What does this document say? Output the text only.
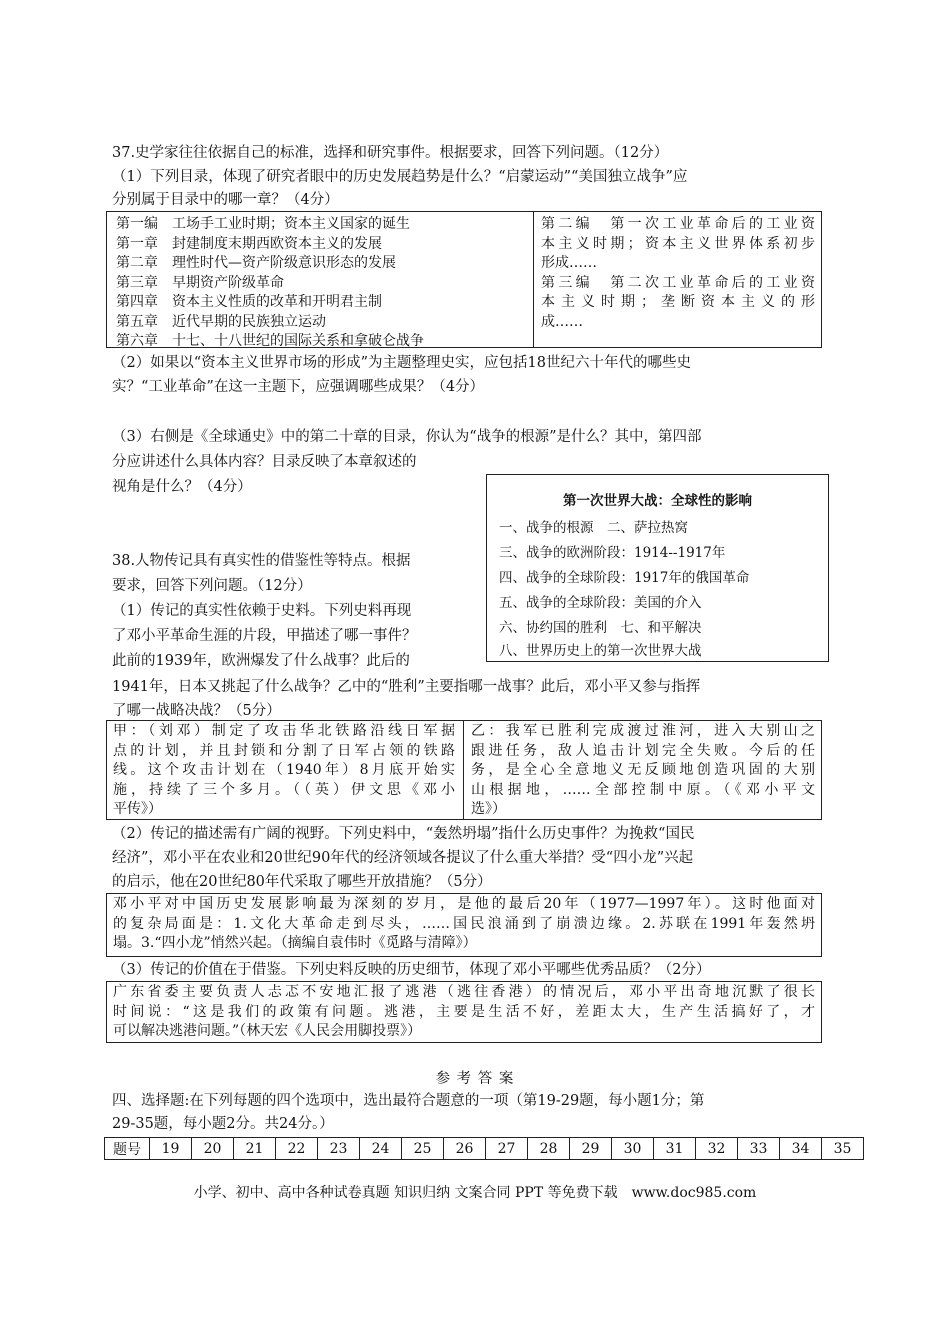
37.史学家往往依据自己的标准，选择和研究事件。根据要求，回答下列问题。（12分）
（1）下列目录，体现了研究者眼中的历史发展趋势是什么？“启蒙运动”“美国独立战争”应
分别属于目录中的哪一章？（4分）
第一编　工场手工业时期；资本主义国家的诞生
第一章　封建制度末期西欧资本主义的发展
第二章　理性时代—资产阶级意识形态的发展
第三章　早期资产阶级革命
第四章　资本主义性质的改革和开明君主制
第五章　近代早期的民族独立运动
第六章　十七、十八世纪的国际关系和拿破仑战争
第二编　第一次工业革命后的工业资
本主义时期；资本主义世界体系初步
形成……
第三编　第二次工业革命后的工业资
本主义时期；垄断资本主义的形
成……
（2）如果以“资本主义世界市场的形成”为主题整理史实，应包括18世纪六十年代的哪些史
实？“工业革命”在这一主题下，应强调哪些成果？（4分）
（3）右侧是《全球通史》中的第二十章的目录，你认为“战争的根源”是什么？其中，第四部
分应讲述什么具体内容？目录反映了本章叙述的
视角是什么？（4分）
第一次世界大战：全球性的影响
一、战争的根源　二、萨拉热窝
三、战争的欧洲阶段：1914--1917年
四、战争的全球阶段：1917年的俄国革命
五、战争的全球阶段：美国的介入
六、协约国的胜利　七、和平解决
八、世界历史上的第一次世界大战
38.人物传记具有真实性的借鉴性等特点。根据
要求，回答下列问题。（12分）
（1）传记的真实性依赖于史料。下列史料再现
了邓小平革命生涯的片段，甲描述了哪一事件？
此前的1939年，欧洲爆发了什么战事？此后的
1941年，日本又挑起了什么战争？乙中的“胜利”主要指哪一战事？此后，邓小平又参与指挥
了哪一战略决战？（5分）
甲：（刘邓）制定了攻击华北铁路沿线日军据
点的计划，并且封锁和分割了日军占领的铁路
线。这个攻击计划在（1940年）8月底开始实
施，持续了三个多月。（（英）伊文思《邓小
平传》）
乙：我军已胜利完成渡过淮河，进入大别山之
跟进任务，敌人追击计划完全失败。今后的任
务，是全心全意地义无反顾地创造巩固的大别
山根据地，……全部控制中原。（《邓小平文
选》）
（2）传记的描述需有广阔的视野。下列史料中，“轰然坍塌”指什么历史事件？为挽救“国民
经济”，邓小平在农业和20世纪90年代的经济领域各提议了什么重大举措？受“四小龙”兴起
的启示，他在20世纪80年代采取了哪些开放措施？（5分）
邓小平对中国历史发展影响最为深刻的岁月，是他的最后20年（1977—1997年）。这时他面对
的复杂局面是：1.文化大革命走到尽头，……国民浪涌到了崩溃边缘。2.苏联在1991年轰然坍
塌。3.“四小龙”悄然兴起。（摘编自袁伟时《觅路与清障》）
（3）传记的价值在于借鉴。下列史料反映的历史细节，体现了邓小平哪些优秀品质？（2分）
广东省委主要负责人忐忑不安地汇报了逃港（逃往香港）的情况后，邓小平出奇地沉默了很长
时间说：“这是我们的政策有问题。逃港，主要是生活不好，差距太大，生产生活搞好了，才
可以解决逃港问题。”（林天宏《人民会用脚投票》）
参 考 答 案
四、选择题:在下列每题的四个选项中，选出最符合题意的一项（第19-29题，每小题1分；第
29-35题，每小题2分。共24分。）
题号	19	20	21	22	23	24	25	26	27	28	29	30	31	32	33	34	35
小学、初中、高中各种试卷真题 知识归纳 文案合同 PPT 等免费下载　www.doc985.com
